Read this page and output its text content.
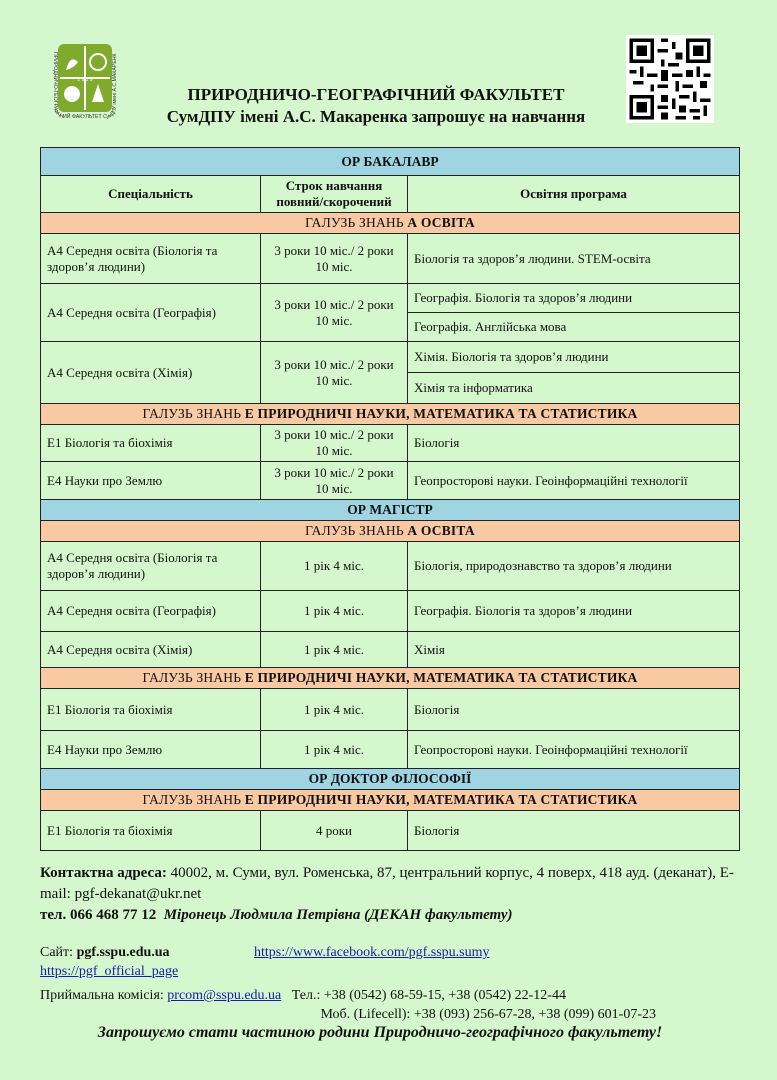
ПРИРОДНИЧО-ГЕОГРАФІЧНИЙ ФАКУЛЬТЕТ СумДПУ імені А.С.МАКАРЕНК
1 9 1 9
ПРИРОДНИЧО-ГЕОГРАФІЧНИЙ ФАКУЛЬТЕТ
СумДПУ імені А.С. Макаренка запрошує на навчання
ОР БАКАЛАВР		
Спеціальність	Строк навчання повний/скорочений	Освітня програма
ГАЛУЗЬ ЗНАНЬ А ОСВІТА		
А4 Середня освіта (Біологія та здоров’я людини)	3 роки 10 міс./ 2 роки 10 міс.	Біологія та здоров’я людини. STEM-освіта
А4 Середня освіта (Географія)	3 роки 10 міс./ 2 роки 10 міс.	Географія. Біологія та здоров’я людини
		Географія. Англійська мова
А4 Середня освіта (Хімія)	3 роки 10 міс./ 2 роки 10 міс.	Хімія. Біологія та здоров’я людини
		Хімія та інформатика
ГАЛУЗЬ ЗНАНЬ Е ПРИРОДНИЧІ НАУКИ, МАТЕМАТИКА ТА СТАТИСТИКА		
Е1 Біологія та біохімія	3 роки 10 міс./ 2 роки 10 міс.	Біологія
Е4 Науки про Землю	3 роки 10 міс./ 2 роки 10 міс.	Геопросторові науки. Геоінформаційні технології
ОР МАГІСТР		
ГАЛУЗЬ ЗНАНЬ А ОСВІТА		
А4 Середня освіта (Біологія та здоров’я людини)	1 рік 4 міс.	Біологія, природознавство та здоров’я людини
А4 Середня освіта (Географія)	1 рік 4 міс.	Географія. Біологія та здоров’я людини
А4 Середня освіта (Хімія)	1 рік 4 міс.	Хімія
ГАЛУЗЬ ЗНАНЬ Е ПРИРОДНИЧІ НАУКИ, МАТЕМАТИКА ТА СТАТИСТИКА		
Е1 Біологія та біохімія	1 рік 4 міс.	Біологія
Е4 Науки про Землю	1 рік 4 міс.	Геопросторові науки. Геоінформаційні технології
ОР ДОКТОР ФІЛОСОФІЇ		
ГАЛУЗЬ ЗНАНЬ Е ПРИРОДНИЧІ НАУКИ, МАТЕМАТИКА ТА СТАТИСТИКА		
Е1 Біологія та біохімія	4 роки	Біологія
Контактна адреса: 40002, м. Суми, вул. Роменська, 87, центральний корпус, 4 поверх, 418 ауд. (деканат), E-mail: pgf-dekanat@ukr.net
тел. 066 468 77 12 Міронець Людмила Петрівна (ДЕКАН факультету)
Сайт: pgf.sspu.edu.ua	https://www.facebook.com/pgf.sspu.sumy
https://pgf_official_page
Приймальна комісія: prcom@sspu.edu.ua Тел.: +38 (0542) 68-59-15, +38 (0542) 22-12-44
Моб. (Lifecell): +38 (093) 256-67-28, +38 (099) 601-07-23
Запрошуємо стати частиною родини Природничо-географічного факультету!
